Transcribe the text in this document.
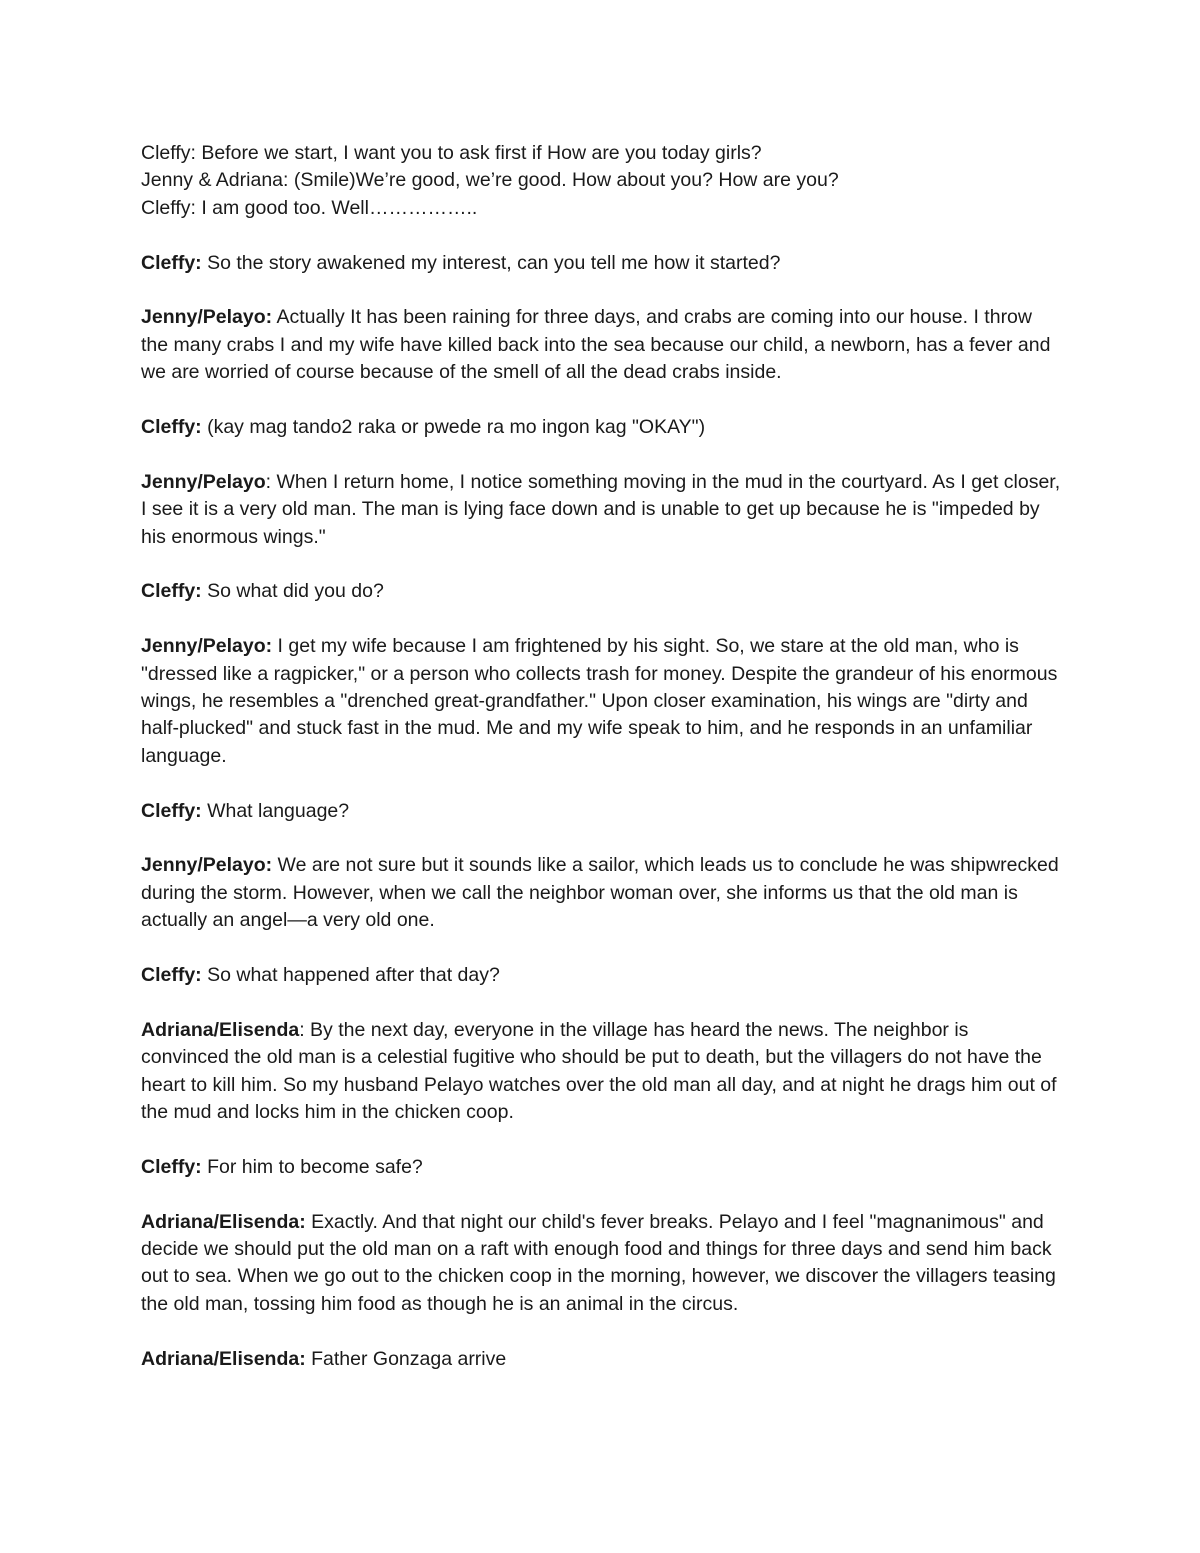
Cleffy: Before we start, I want you to ask first if How are you today girls?

Jenny & Adriana: (Smile)We’re good, we’re good. How about you? How are you?

Cleffy: I am good too. Well……………..

Cleffy: So the story awakened my interest, can you tell me how it started?

Jenny/Pelayo: Actually It has been raining for three days, and crabs are coming into our house. I throw the many crabs I and my wife have killed back into the sea because our child, a newborn, has a fever and we are worried of course because of the smell of all the dead crabs inside.

Cleffy: (kay mag tando2 raka or pwede ra mo ingon kag "OKAY")

Jenny/Pelayo: When I return home, I notice something moving in the mud in the courtyard. As I get closer, I see it is a very old man. The man is lying face down and is unable to get up because he is "impeded by his enormous wings."

Cleffy: So what did you do?

Jenny/Pelayo: I get my wife because I am frightened by his sight. So, we stare at the old man, who is "dressed like a ragpicker," or a person who collects trash for money. Despite the grandeur of his enormous wings, he resembles a "drenched great-grandfather." Upon closer examination, his wings are "dirty and half-plucked" and stuck fast in the mud. Me and my wife speak to him, and he responds in an unfamiliar language.

Cleffy: What language?

Jenny/Pelayo: We are not sure but it sounds like a sailor, which leads us to conclude he was shipwrecked during the storm. However, when we call the neighbor woman over, she informs us that the old man is actually an angel—a very old one.

Cleffy: So what happened after that day?

Adriana/Elisenda: By the next day, everyone in the village has heard the news. The neighbor is convinced the old man is a celestial fugitive who should be put to death, but the villagers do not have the heart to kill him. So my husband Pelayo watches over the old man all day, and at night he drags him out of the mud and locks him in the chicken coop.

Cleffy: For him to become safe?

Adriana/Elisenda: Exactly. And that night our child's fever breaks. Pelayo and I feel "magnanimous" and decide we should put the old man on a raft with enough food and things for three days and send him back out to sea. When we go out to the chicken coop in the morning, however, we discover the villagers teasing the old man, tossing him food as though he is an animal in the circus.

Adriana/Elisenda: Father Gonzaga arrive
